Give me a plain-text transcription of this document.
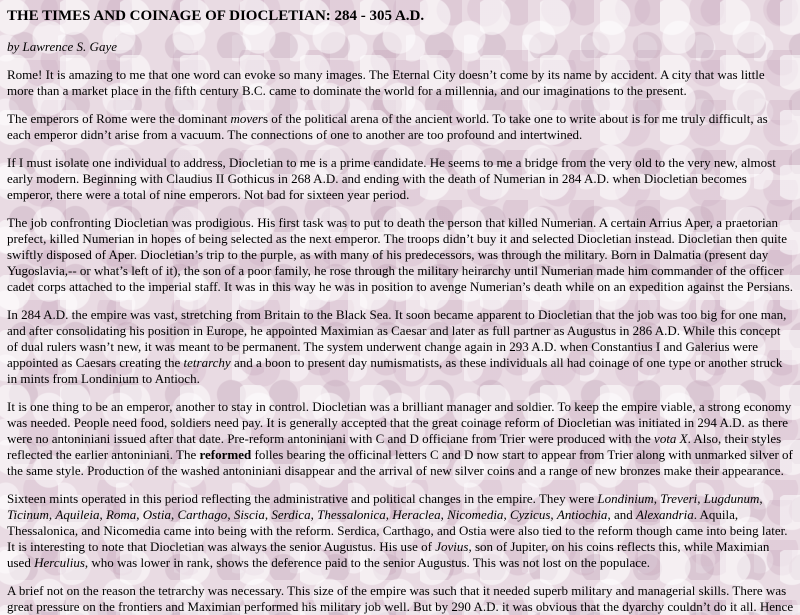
THE TIMES AND COINAGE OF DIOCLETIAN: 284 - 305 A.D.

by Lawrence S. Gaye

Rome! It is amazing to me that one word can evoke so many images. The Eternal City doesn’t come by its name by accident. A city that was little more than a market place in the fifth century B.C. came to dominate the world for a millennia, and our imaginations to the present.

The emperors of Rome were the dominant movers of the political arena of the ancient world. To take one to write about is for me truly difficult, as each emperor didn’t arise from a vacuum. The connections of one to another are too profound and intertwined.

If I must isolate one individual to address, Diocletian to me is a prime candidate. He seems to me a bridge from the very old to the very new, almost early modern. Beginning with Claudius II Gothicus in 268 A.D. and ending with the death of Numerian in 284 A.D. when Diocletian becomes emperor, there were a total of nine emperors. Not bad for sixteen year period.

The job confronting Diocletian was prodigious. His first task was to put to death the person that killed Numerian. A certain Arrius Aper, a praetorian prefect, killed Numerian in hopes of being selected as the next emperor. The troops didn’t buy it and selected Diocletian instead. Diocletian then quite swiftly disposed of Aper. Diocletian’s trip to the purple, as with many of his predecessors, was through the military. Born in Dalmatia (present day Yugoslavia,-- or what’s left of it), the son of a poor family, he rose through the military heirarchy until Numerian made him commander of the officer cadet corps attached to the imperial staff. It was in this way he was in position to avenge Numerian’s death while on an expedition against the Persians.

In 284 A.D. the empire was vast, stretching from Britain to the Black Sea. It soon became apparent to Diocletian that the job was too big for one man, and after consolidating his position in Europe, he appointed Maximian as Caesar and later as full partner as Augustus in 286 A.D. While this concept of dual rulers wasn’t new, it was meant to be permanent. The system underwent change again in 293 A.D. when Constantius I and Galerius were appointed as Caesars creating the tetrarchy and a boon to present day numismatists, as these individuals all had coinage of one type or another struck in mints from Londinium to Antioch.

It is one thing to be an emperor, another to stay in control. Diocletian was a brilliant manager and soldier. To keep the empire viable, a strong economy was needed. People need food, soldiers need pay. It is generally accepted that the great coinage reform of Diocletian was initiated in 294 A.D. as there were no antoniniani issued after that date. Pre-reform antoniniani with C and D officiane from Trier were produced with the vota X. Also, their styles reflected the earlier antoniniani. The reformed folles bearing the officinal letters C and D now start to appear from Trier along with unmarked silver of the same style. Production of the washed antoniniani disappear and the arrival of new silver coins and a range of new bronzes make their appearance.

Sixteen mints operated in this period reflecting the administrative and political changes in the empire. They were Londinium, Treveri, Lugdunum, Ticinum, Aquileia, Roma, Ostia, Carthago, Siscia, Serdica, Thessalonica, Heraclea, Nicomedia, Cyzicus, Antiochia, and Alexandria. Aquila, Thessalonica, and Nicomedia came into being with the reform. Serdica, Carthago, and Ostia were also tied to the reform though came into being later. It is interesting to note that Diocletian was always the senior Augustus. His use of Jovius, son of Jupiter, on his coins reflects this, while Maximian used Herculius, who was lower in rank, shows the deference paid to the senior Augustus. This was not lost on the populace.

A brief not on the reason the tetrarchy was necessary. This size of the empire was such that it needed superb military and managerial skills. There was great pressure on the frontiers and Maximian performed his military job well. But by 290 A.D. it was obvious that the dyarchy couldn’t do it all. Hence
